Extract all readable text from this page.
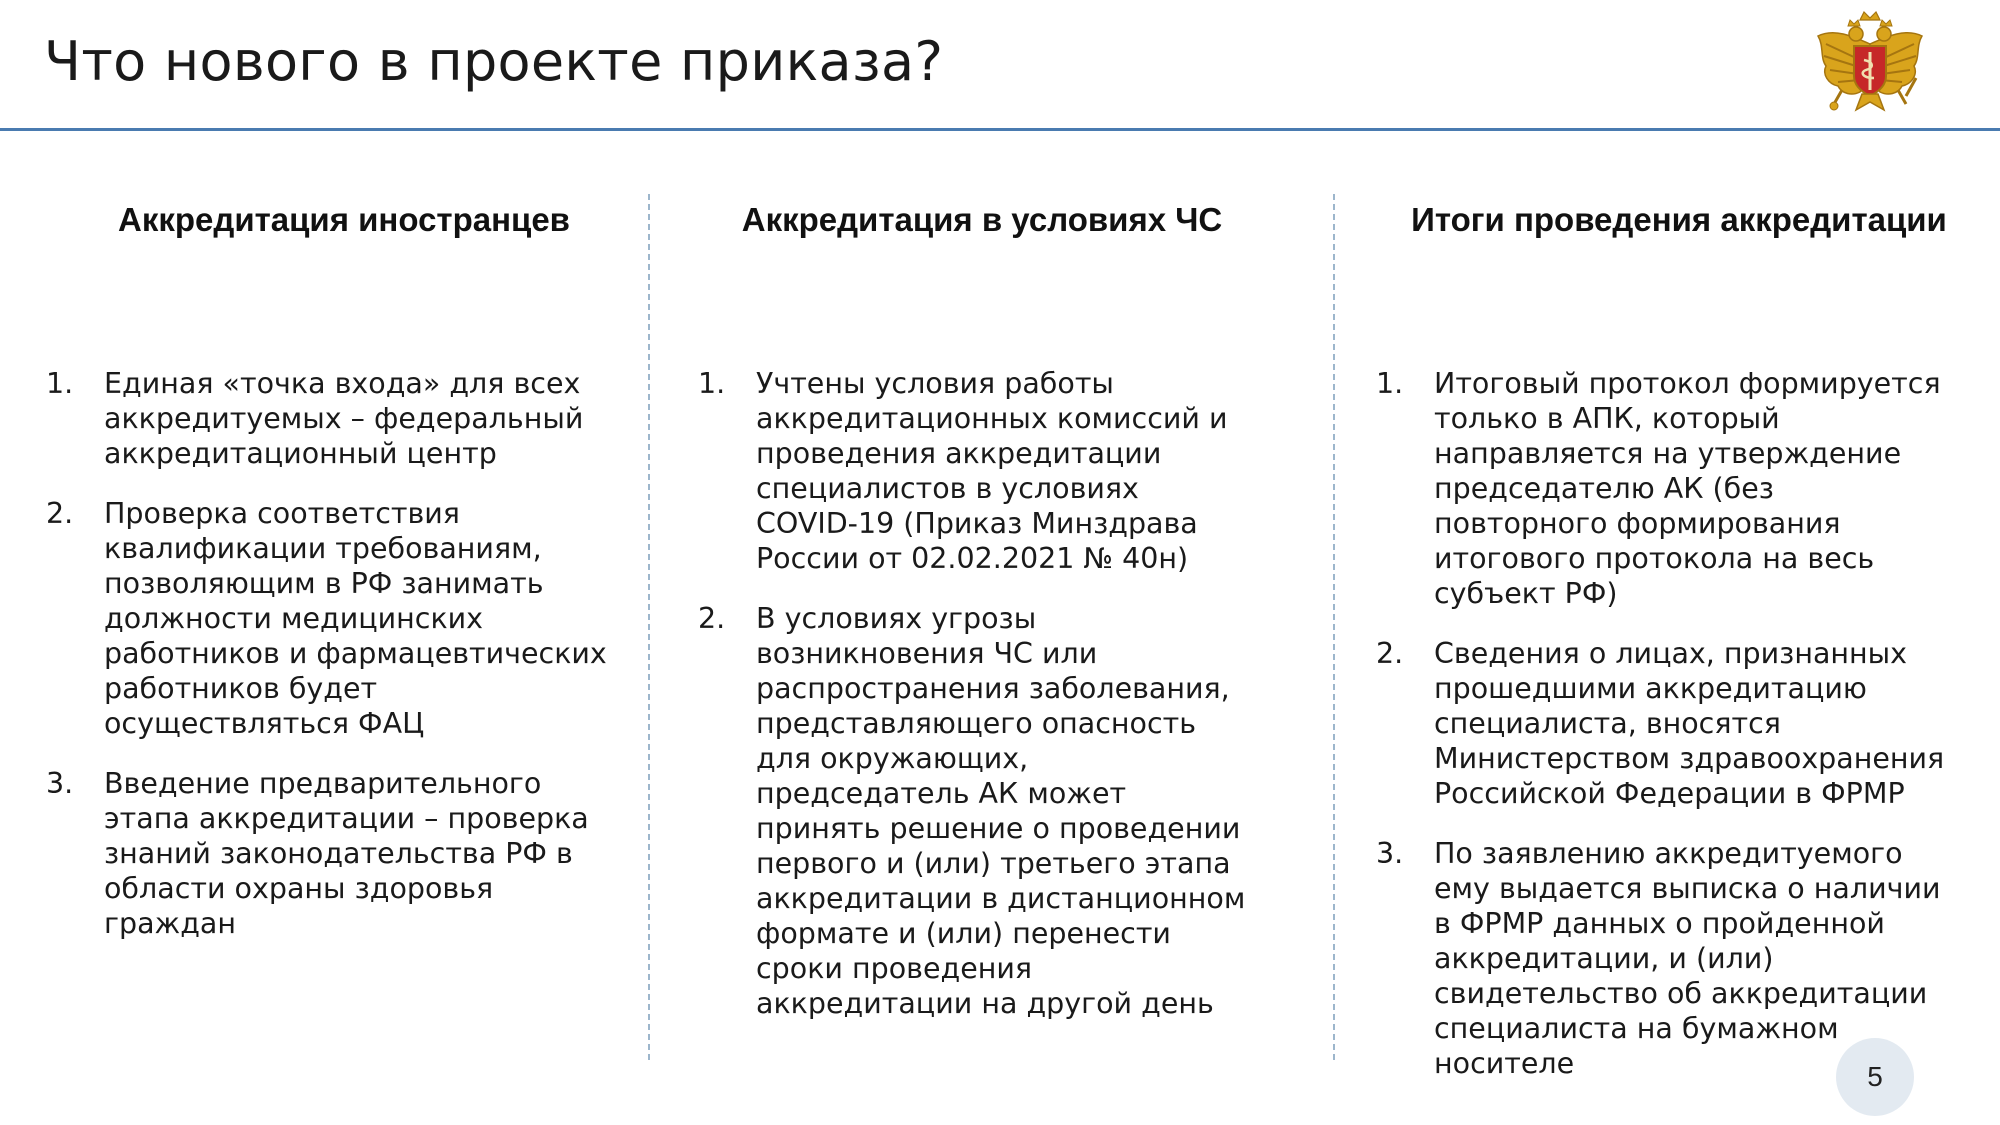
Что нового в проекте приказа?
Аккредитация иностранцев
1. Единая «точка входа» для всех аккредитуемых – федеральный аккредитационный центр
2. Проверка соответствия квалификации требованиям, позволяющим в РФ занимать должности медицинских работников и фармацевтических работников будет осуществляться ФАЦ
3. Введение предварительного этапа аккредитации – проверка знаний законодательства РФ в области охраны здоровья граждан
Аккредитация в условиях ЧС
1. Учтены условия работы аккредитационных комиссий и проведения аккредитации специалистов в условиях COVID-19 (Приказ Минздрава России от 02.02.2021 № 40н)
2. В условиях угрозы возникновения ЧС или распространения заболевания, представляющего опасность для окружающих, председатель АК может принять решение о проведении первого и (или) третьего этапа аккредитации в дистанционном формате и (или) перенести сроки проведения аккредитации на другой день
Итоги проведения аккредитации
1. Итоговый протокол формируется только в АПК, который направляется на утверждение председателю АК (без повторного формирования итогового протокола на весь субъект РФ)
2. Сведения о лицах, признанных прошедшими аккредитацию специалиста, вносятся Министерством здравоохранения Российской Федерации в ФРМР
3. По заявлению аккредитуемого ему выдается выписка о наличии в ФРМР данных о пройденной аккредитации, и (или) свидетельство об аккредитации специалиста на бумажном носителе	5
